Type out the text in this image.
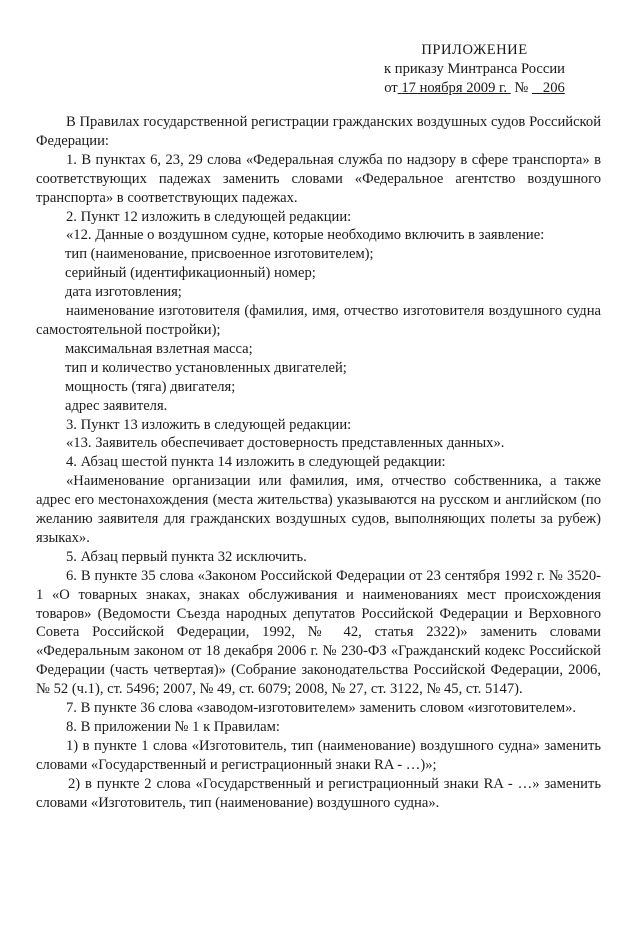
ПРИЛОЖЕНИЕ
к приказу Минтранса России
от 17 ноября 2009 г. № 206

В Правилах государственной регистрации гражданских воздушных судов Российской Федерации:

1. В пунктах 6, 23, 29 слова «Федеральная служба по надзору в сфере транспорта» в соответствующих падежах заменить словами «Федеральное агентство воздушного транспорта» в соответствующих падежах.

2. Пункт 12 изложить в следующей редакции:

«12. Данные о воздушном судне, которые необходимо включить в заявление:

тип (наименование, присвоенное изготовителем);

серийный (идентификационный) номер;

дата изготовления;

наименование изготовителя (фамилия, имя, отчество изготовителя воздушного судна самостоятельной постройки);

максимальная взлетная масса;

тип и количество установленных двигателей;

мощность (тяга) двигателя;

адрес заявителя.

3. Пункт 13 изложить в следующей редакции:

«13. Заявитель обеспечивает достоверность представленных данных».

4. Абзац шестой пункта 14 изложить в следующей редакции:

«Наименование организации или фамилия, имя, отчество собственника, а также адрес его местонахождения (места жительства) указываются на русском и английском (по желанию заявителя для гражданских воздушных судов, выполняющих полеты за рубеж) языках».

5. Абзац первый пункта 32 исключить.

6. В пункте 35 слова «Законом Российской Федерации от 23 сентября 1992 г. № 3520-1 «О товарных знаках, знаках обслуживания и наименованиях мест происхождения товаров» (Ведомости Съезда народных депутатов Российской Федерации и Верховного Совета Российской Федерации, 1992, № 42, статья 2322)» заменить словами «Федеральным законом от 18 декабря 2006 г. № 230-ФЗ «Гражданский кодекс Российской Федерации (часть четвертая)» (Собрание законодательства Российской Федерации, 2006, № 52 (ч.1), ст. 5496; 2007, № 49, ст. 6079; 2008, № 27, ст. 3122, № 45, ст. 5147).

7. В пункте 36 слова «заводом-изготовителем» заменить словом «изготовителем».

8. В приложении № 1 к Правилам:

1) в пункте 1 слова «Изготовитель, тип (наименование) воздушного судна» заменить словами «Государственный и регистрационный знаки RA - …)»;

2) в пункте 2 слова «Государственный и регистрационный знаки RA - …» заменить словами «Изготовитель, тип (наименование) воздушного судна».
